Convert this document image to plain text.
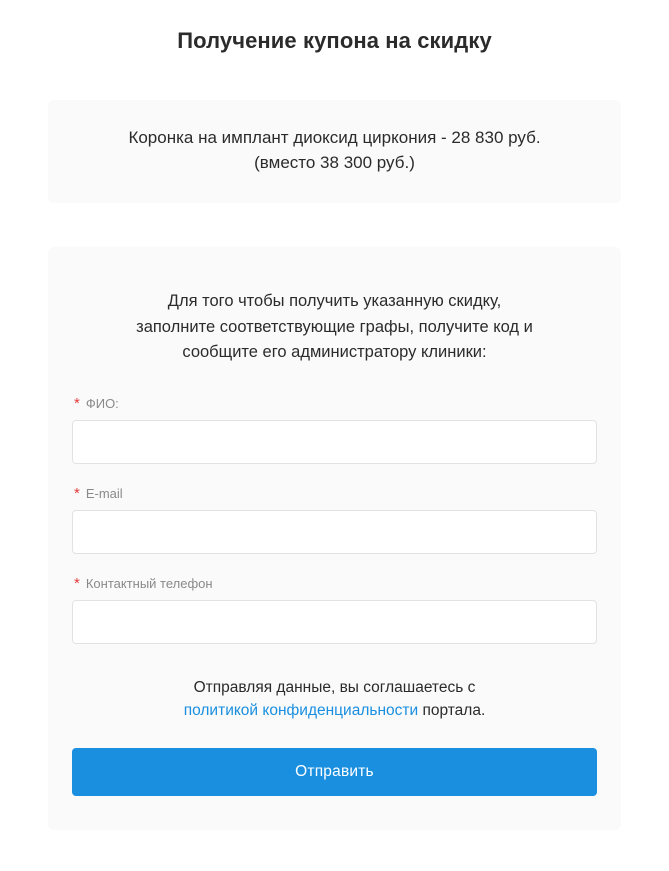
Получение купона на скидку

Коронка на имплант диоксид циркония - 28 830 руб.
(вместо 38 300 руб.)

Для того чтобы получить указанную скидку,
заполните соответствующие графы, получите код и
сообщите его администратору клиники:

* ФИО:
* E-mail
* Контактный телефон

Отправляя данные, вы соглашаетесь с
политикой конфиденциальности портала.

Отправить
